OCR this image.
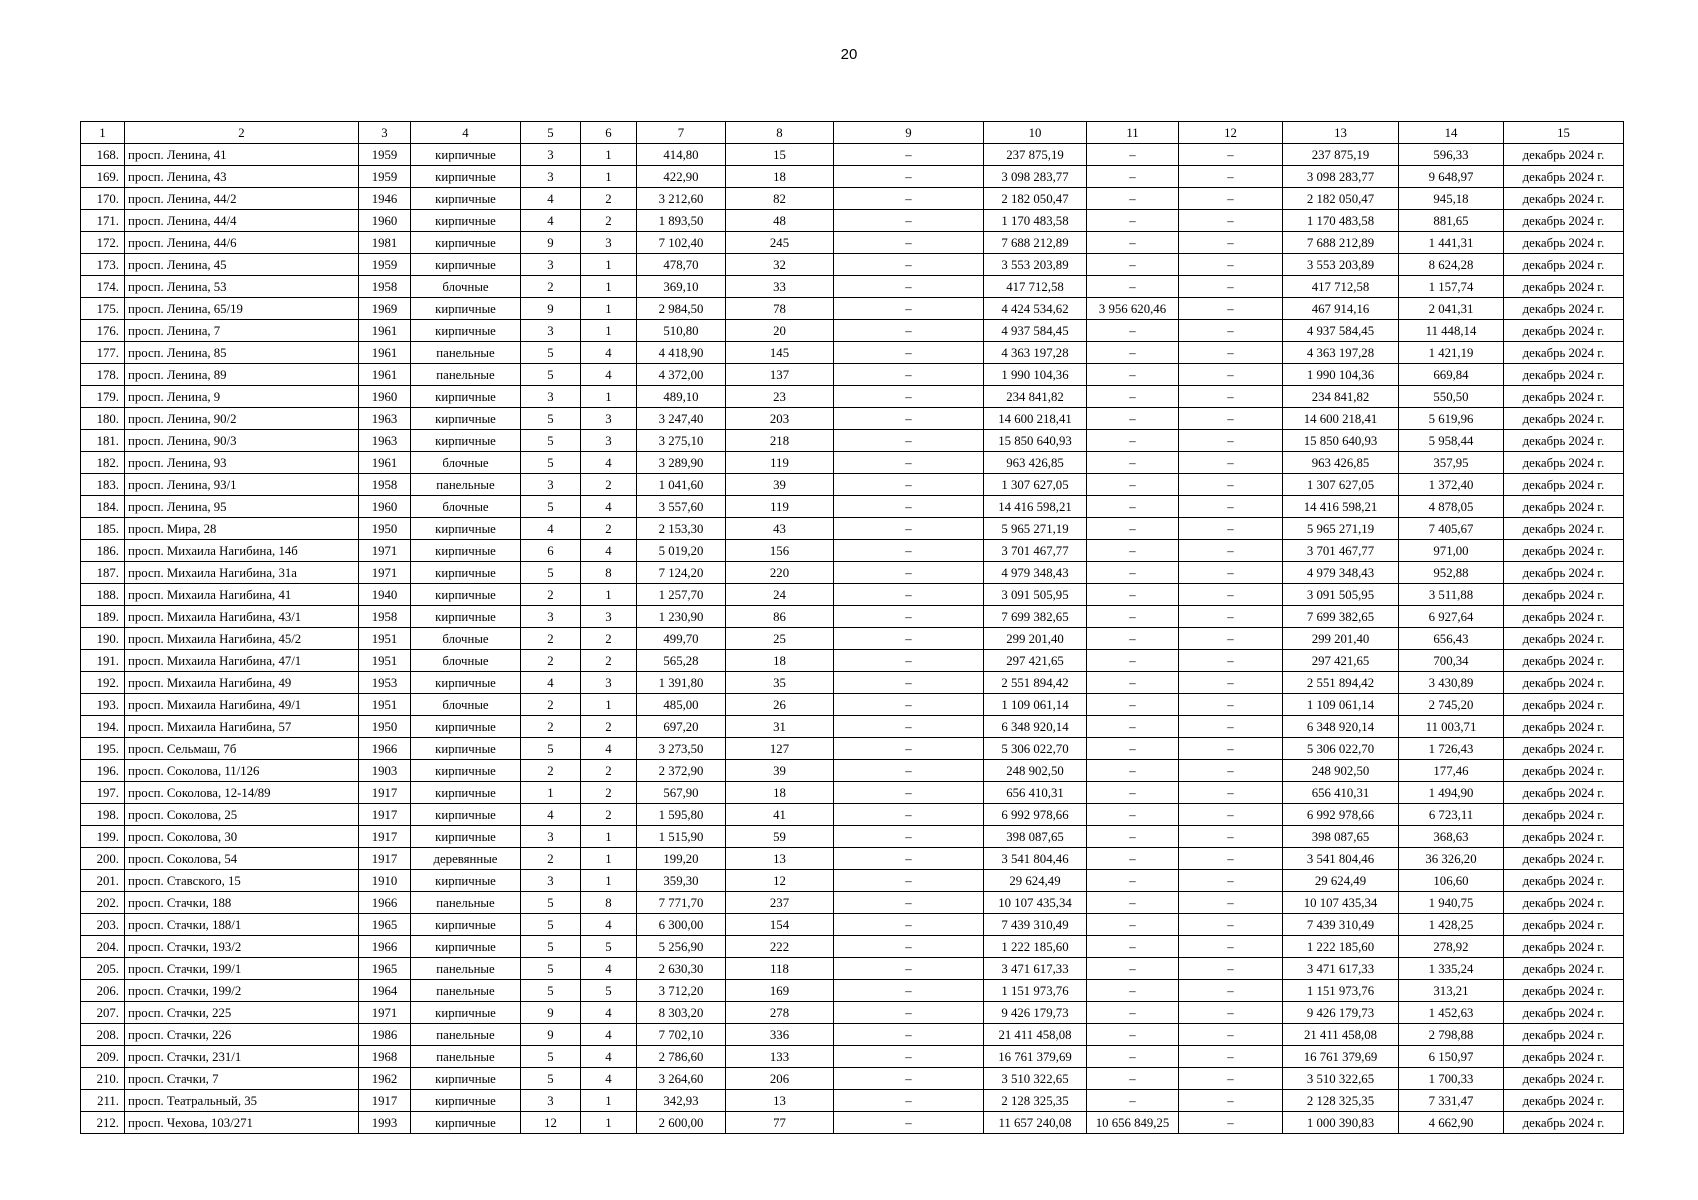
20
1	2	3	4	5	6	7	8	9	10	11	12	13	14	15
168.	просп. Ленина, 41	1959	кирпичные	3	1	414,80	15	–	237 875,19	–	–	237 875,19	596,33	декабрь 2024 г.
169.	просп. Ленина, 43	1959	кирпичные	3	1	422,90	18	–	3 098 283,77	–	–	3 098 283,77	9 648,97	декабрь 2024 г.
170.	просп. Ленина, 44/2	1946	кирпичные	4	2	3 212,60	82	–	2 182 050,47	–	–	2 182 050,47	945,18	декабрь 2024 г.
171.	просп. Ленина, 44/4	1960	кирпичные	4	2	1 893,50	48	–	1 170 483,58	–	–	1 170 483,58	881,65	декабрь 2024 г.
172.	просп. Ленина, 44/6	1981	кирпичные	9	3	7 102,40	245	–	7 688 212,89	–	–	7 688 212,89	1 441,31	декабрь 2024 г.
173.	просп. Ленина, 45	1959	кирпичные	3	1	478,70	32	–	3 553 203,89	–	–	3 553 203,89	8 624,28	декабрь 2024 г.
174.	просп. Ленина, 53	1958	блочные	2	1	369,10	33	–	417 712,58	–	–	417 712,58	1 157,74	декабрь 2024 г.
175.	просп. Ленина, 65/19	1969	кирпичные	9	1	2 984,50	78	–	4 424 534,62	3 956 620,46	–	467 914,16	2 041,31	декабрь 2024 г.
176.	просп. Ленина, 7	1961	кирпичные	3	1	510,80	20	–	4 937 584,45	–	–	4 937 584,45	11 448,14	декабрь 2024 г.
177.	просп. Ленина, 85	1961	панельные	5	4	4 418,90	145	–	4 363 197,28	–	–	4 363 197,28	1 421,19	декабрь 2024 г.
178.	просп. Ленина, 89	1961	панельные	5	4	4 372,00	137	–	1 990 104,36	–	–	1 990 104,36	669,84	декабрь 2024 г.
179.	просп. Ленина, 9	1960	кирпичные	3	1	489,10	23	–	234 841,82	–	–	234 841,82	550,50	декабрь 2024 г.
180.	просп. Ленина, 90/2	1963	кирпичные	5	3	3 247,40	203	–	14 600 218,41	–	–	14 600 218,41	5 619,96	декабрь 2024 г.
181.	просп. Ленина, 90/3	1963	кирпичные	5	3	3 275,10	218	–	15 850 640,93	–	–	15 850 640,93	5 958,44	декабрь 2024 г.
182.	просп. Ленина, 93	1961	блочные	5	4	3 289,90	119	–	963 426,85	–	–	963 426,85	357,95	декабрь 2024 г.
183.	просп. Ленина, 93/1	1958	панельные	3	2	1 041,60	39	–	1 307 627,05	–	–	1 307 627,05	1 372,40	декабрь 2024 г.
184.	просп. Ленина, 95	1960	блочные	5	4	3 557,60	119	–	14 416 598,21	–	–	14 416 598,21	4 878,05	декабрь 2024 г.
185.	просп. Мира, 28	1950	кирпичные	4	2	2 153,30	43	–	5 965 271,19	–	–	5 965 271,19	7 405,67	декабрь 2024 г.
186.	просп. Михаила Нагибина, 14б	1971	кирпичные	6	4	5 019,20	156	–	3 701 467,77	–	–	3 701 467,77	971,00	декабрь 2024 г.
187.	просп. Михаила Нагибина, 31а	1971	кирпичные	5	8	7 124,20	220	–	4 979 348,43	–	–	4 979 348,43	952,88	декабрь 2024 г.
188.	просп. Михаила Нагибина, 41	1940	кирпичные	2	1	1 257,70	24	–	3 091 505,95	–	–	3 091 505,95	3 511,88	декабрь 2024 г.
189.	просп. Михаила Нагибина, 43/1	1958	кирпичные	3	3	1 230,90	86	–	7 699 382,65	–	–	7 699 382,65	6 927,64	декабрь 2024 г.
190.	просп. Михаила Нагибина, 45/2	1951	блочные	2	2	499,70	25	–	299 201,40	–	–	299 201,40	656,43	декабрь 2024 г.
191.	просп. Михаила Нагибина, 47/1	1951	блочные	2	2	565,28	18	–	297 421,65	–	–	297 421,65	700,34	декабрь 2024 г.
192.	просп. Михаила Нагибина, 49	1953	кирпичные	4	3	1 391,80	35	–	2 551 894,42	–	–	2 551 894,42	3 430,89	декабрь 2024 г.
193.	просп. Михаила Нагибина, 49/1	1951	блочные	2	1	485,00	26	–	1 109 061,14	–	–	1 109 061,14	2 745,20	декабрь 2024 г.
194.	просп. Михаила Нагибина, 57	1950	кирпичные	2	2	697,20	31	–	6 348 920,14	–	–	6 348 920,14	11 003,71	декабрь 2024 г.
195.	просп. Сельмаш, 7б	1966	кирпичные	5	4	3 273,50	127	–	5 306 022,70	–	–	5 306 022,70	1 726,43	декабрь 2024 г.
196.	просп. Соколова, 11/126	1903	кирпичные	2	2	2 372,90	39	–	248 902,50	–	–	248 902,50	177,46	декабрь 2024 г.
197.	просп. Соколова, 12-14/89	1917	кирпичные	1	2	567,90	18	–	656 410,31	–	–	656 410,31	1 494,90	декабрь 2024 г.
198.	просп. Соколова, 25	1917	кирпичные	4	2	1 595,80	41	–	6 992 978,66	–	–	6 992 978,66	6 723,11	декабрь 2024 г.
199.	просп. Соколова, 30	1917	кирпичные	3	1	1 515,90	59	–	398 087,65	–	–	398 087,65	368,63	декабрь 2024 г.
200.	просп. Соколова, 54	1917	деревянные	2	1	199,20	13	–	3 541 804,46	–	–	3 541 804,46	36 326,20	декабрь 2024 г.
201.	просп. Ставского, 15	1910	кирпичные	3	1	359,30	12	–	29 624,49	–	–	29 624,49	106,60	декабрь 2024 г.
202.	просп. Стачки, 188	1966	панельные	5	8	7 771,70	237	–	10 107 435,34	–	–	10 107 435,34	1 940,75	декабрь 2024 г.
203.	просп. Стачки, 188/1	1965	кирпичные	5	4	6 300,00	154	–	7 439 310,49	–	–	7 439 310,49	1 428,25	декабрь 2024 г.
204.	просп. Стачки, 193/2	1966	кирпичные	5	5	5 256,90	222	–	1 222 185,60	–	–	1 222 185,60	278,92	декабрь 2024 г.
205.	просп. Стачки, 199/1	1965	панельные	5	4	2 630,30	118	–	3 471 617,33	–	–	3 471 617,33	1 335,24	декабрь 2024 г.
206.	просп. Стачки, 199/2	1964	панельные	5	5	3 712,20	169	–	1 151 973,76	–	–	1 151 973,76	313,21	декабрь 2024 г.
207.	просп. Стачки, 225	1971	кирпичные	9	4	8 303,20	278	–	9 426 179,73	–	–	9 426 179,73	1 452,63	декабрь 2024 г.
208.	просп. Стачки, 226	1986	панельные	9	4	7 702,10	336	–	21 411 458,08	–	–	21 411 458,08	2 798,88	декабрь 2024 г.
209.	просп. Стачки, 231/1	1968	панельные	5	4	2 786,60	133	–	16 761 379,69	–	–	16 761 379,69	6 150,97	декабрь 2024 г.
210.	просп. Стачки, 7	1962	кирпичные	5	4	3 264,60	206	–	3 510 322,65	–	–	3 510 322,65	1 700,33	декабрь 2024 г.
211.	просп. Театральный, 35	1917	кирпичные	3	1	342,93	13	–	2 128 325,35	–	–	2 128 325,35	7 331,47	декабрь 2024 г.
212.	просп. Чехова, 103/271	1993	кирпичные	12	1	2 600,00	77	–	11 657 240,08	10 656 849,25	–	1 000 390,83	4 662,90	декабрь 2024 г.
